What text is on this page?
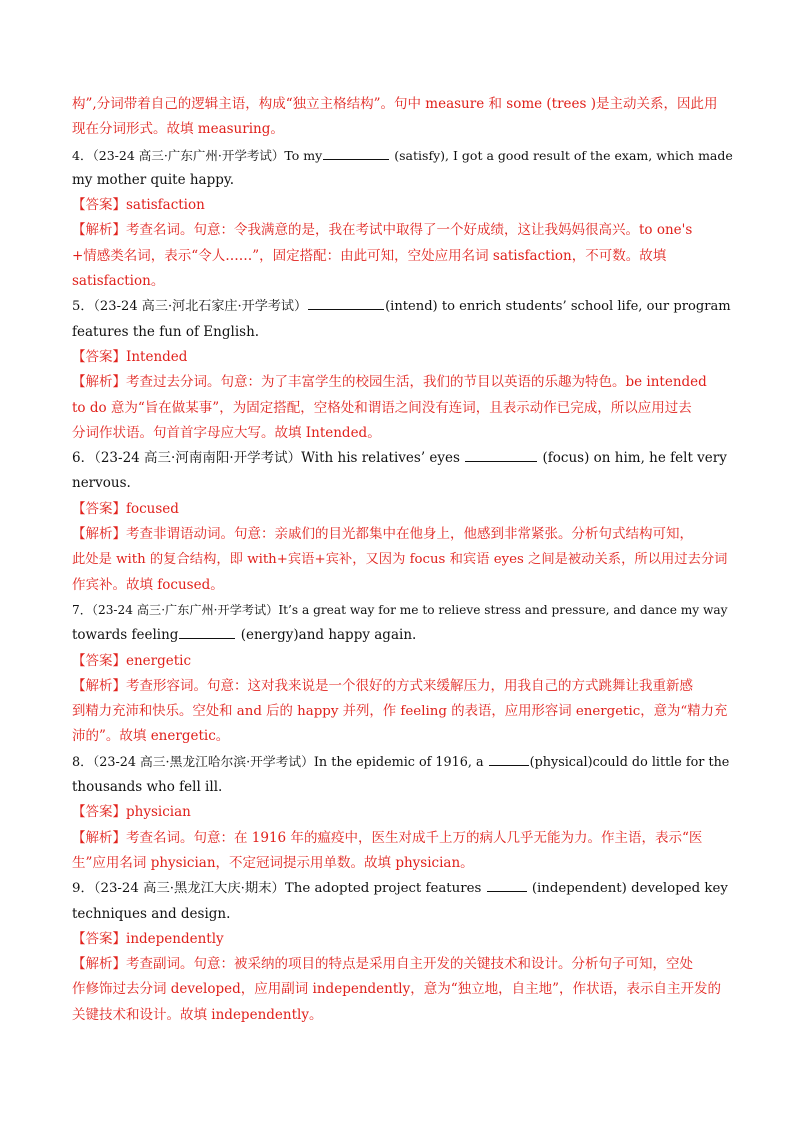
构”,分词带着自己的逻辑主语，构成“独立主格结构”。句中 measure 和 some (trees )是主动关系，因此用
现在分词形式。故填 measuring。
4．（23-24 高三·广东广州·开学考试）To my	(satisfy), I got a good result of the exam, which made
my mother quite happy.
【答案】satisfaction
【解析】考查名词。句意：令我满意的是，我在考试中取得了一个好成绩，这让我妈妈很高兴。to one's
+情感类名词，表示“令人……”，固定搭配：由此可知，空处应用名词 satisfaction，不可数。故填
satisfaction。
5．（23-24 高三·河北石家庄·开学考试）	(intend) to enrich students’ school life, our program
features the fun of English.
【答案】Intended
【解析】考查过去分词。句意：为了丰富学生的校园生活，我们的节目以英语的乐趣为特色。be intended
to do 意为“旨在做某事”，为固定搭配，空格处和谓语之间没有连词，且表示动作已完成，所以应用过去
分词作状语。句首首字母应大写。故填 Intended。
6．（23-24 高三·河南南阳·开学考试）With his relatives’ eyes	(focus) on him, he felt very
nervous.
【答案】focused
【解析】考查非谓语动词。句意：亲戚们的目光都集中在他身上，他感到非常紧张。分析句式结构可知，
此处是 with 的复合结构，即 with+宾语+宾补，又因为 focus 和宾语 eyes 之间是被动关系，所以用过去分词
作宾补。故填 focused。
7．（23-24 高三·广东广州·开学考试）It’s a great way for me to relieve stress and pressure, and dance my way
towards feeling	(energy)and happy again.
【答案】energetic
【解析】考查形容词。句意：这对我来说是一个很好的方式来缓解压力，用我自己的方式跳舞让我重新感
到精力充沛和快乐。空处和 and 后的 happy 并列，作 feeling 的表语，应用形容词 energetic，意为“精力充
沛的”。故填 energetic。
8．（23-24 高三·黑龙江哈尔滨·开学考试）In the epidemic of 1916, a	(physical)could do little for the
thousands who fell ill.
【答案】physician
【解析】考查名词。句意：在 1916 年的瘟疫中，医生对成千上万的病人几乎无能为力。作主语，表示“医
生”应用名词 physician，不定冠词提示用单数。故填 physician。
9．（23-24 高三·黑龙江大庆·期末）The adopted project features	(independent) developed key
techniques and design.
【答案】independently
【解析】考查副词。句意：被采纳的项目的特点是采用自主开发的关键技术和设计。分析句子可知，空处
作修饰过去分词 developed，应用副词 independently，意为“独立地，自主地”，作状语，表示自主开发的
关键技术和设计。故填 independently。
